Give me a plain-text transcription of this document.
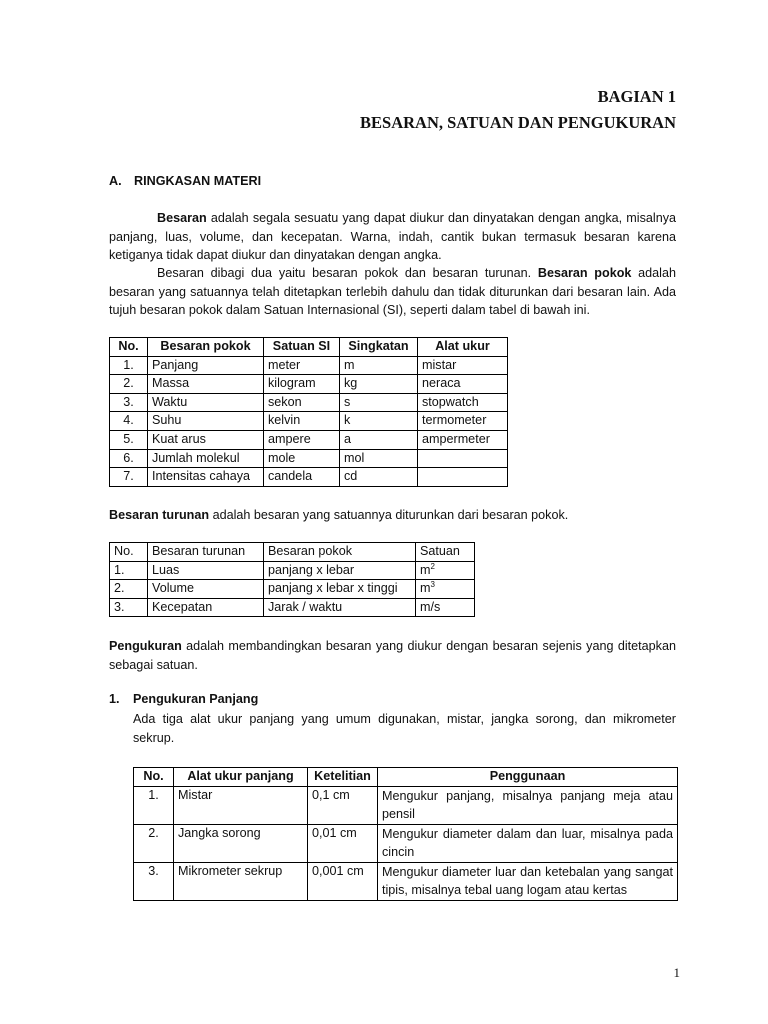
BAGIAN 1
BESARAN, SATUAN DAN PENGUKURAN
A. RINGKASAN MATERI

Besaran adalah segala sesuatu yang dapat diukur dan dinyatakan dengan angka, misalnya panjang, luas, volume, dan kecepatan. Warna, indah, cantik bukan termasuk besaran karena ketiganya tidak dapat diukur dan dinyatakan dengan angka.

Besaran dibagi dua yaitu besaran pokok dan besaran turunan. Besaran pokok adalah besaran yang satuannya telah ditetapkan terlebih dahulu dan tidak diturunkan dari besaran lain. Ada tujuh besaran pokok dalam Satuan Internasional (SI), seperti dalam tabel di bawah ini.

No.	Besaran pokok	Satuan SI	Singkatan	Alat ukur
1.	Panjang	meter	m	mistar
2.	Massa	kilogram	kg	neraca
3.	Waktu	sekon	s	stopwatch
4.	Suhu	kelvin	k	termometer
5.	Kuat arus	ampere	a	ampermeter
6.	Jumlah molekul	mole	mol	
7.	Intensitas cahaya	candela	cd	

Besaran turunan adalah besaran yang satuannya diturunkan dari besaran pokok.

No.	Besaran turunan	Besaran pokok	Satuan
1.	Luas	panjang x lebar	$m^2$
2.	Volume	panjang x lebar x tinggi	$m^3$
3.	Kecepatan	Jarak / waktu	m/s

Pengukuran adalah membandingkan besaran yang diukur dengan besaran sejenis yang ditetapkan sebagai satuan.

1. Pengukuran Panjang

Ada tiga alat ukur panjang yang umum digunakan, mistar, jangka sorong, dan mikrometer sekrup.

No.	Alat ukur panjang	Ketelitian	Penggunaan
1.	Mistar	0,1 cm	Mengukur panjang, misalnya panjang meja atau pensil
2.	Jangka sorong	0,01 cm	Mengukur diameter dalam dan luar, misalnya pada cincin
3.	Mikrometer sekrup	0,001 cm	Mengukur diameter luar dan ketebalan yang sangat tipis, misalnya tebal uang logam atau kertas
1
